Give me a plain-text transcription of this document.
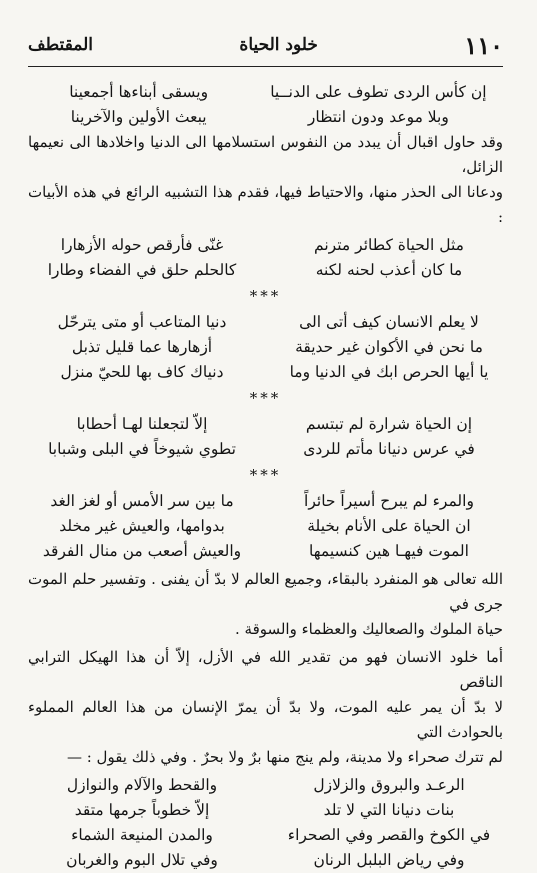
١١٠
خلود الحياة
المقتطف
إن كأس الردى تطوف على الدنــيا
ويسقى أبناءها أجمعينا
وبلا موعد ودون انتظار
يبعث الأولين والآخرينا

وقد حاول اقبال أن يبدد من النفوس استسلامها الى الدنيا واخلادها الى نعيمها الزائل،

ودعانا الى الحذر منها، والاحتياط فيها، فقدم هذا التشبيه الرائع في هذه الأبيات :

مثل الحياة كطائر مترنم
غنّى فأرقص حوله الأزهارا
ما كان أعذب لحنه لكنه
كالحلم حلق في الفضاء وطارا
***
لا يعلم الانسان كيف أتى الى
دنيا المتاعب أو متى يترحّل
ما نحن في الأكوان غير حديقة
أزهارها عما قليل تذبل
يا أيها الحرص ابك في الدنيا وما
دنياك كاف بها للحيّ منزل
***
إن الحياة شرارة لم تبتسم
إلاّ لتجعلنا لهـا أحطابا
في عرس دنيانا مأتم للردى
تطوي شيوخاً في البلى وشبابا
***
والمرء لم يبرح أسيراً حائراً
ما بين سر الأمس أو لغز الغد
ان الحياة على الأنام بخيلة
بدوامها، والعيش غير مخلد
الموت فيهـا هين كنسيمها
والعيش أصعب من منال الفرقد

الله تعالى هو المنفرد بالبقاء، وجميع العالم لا بدّ أن يفنى . وتفسير حلم الموت جرى في

حياة الملوك والصعاليك والعظماء والسوقة .

أما خلود الانسان فهو من تقدير الله في الأزل، إلاّ أن هذا الهيكل الترابي الناقص

لا بدّ أن يمر عليه الموت، ولا بدّ أن يمرّ الإنسان من هذا العالم المملوء بالحوادث التي

لم تترك صحراء ولا مدينة، ولم ينج منها برٌ ولا بحرٌ . وفي ذلك يقول : —

الرعـد والبروق والزلازل
والقحط والآلام والنوازل
بنات دنيانا التي لا تلد
إلاّ خطوباً جرمها متقد
في الكوخ والقصر وفي الصحراء
والمدن المنيعة الشماء
وفي رياض البلبل الرنان
وفي تلال البوم والغربان
